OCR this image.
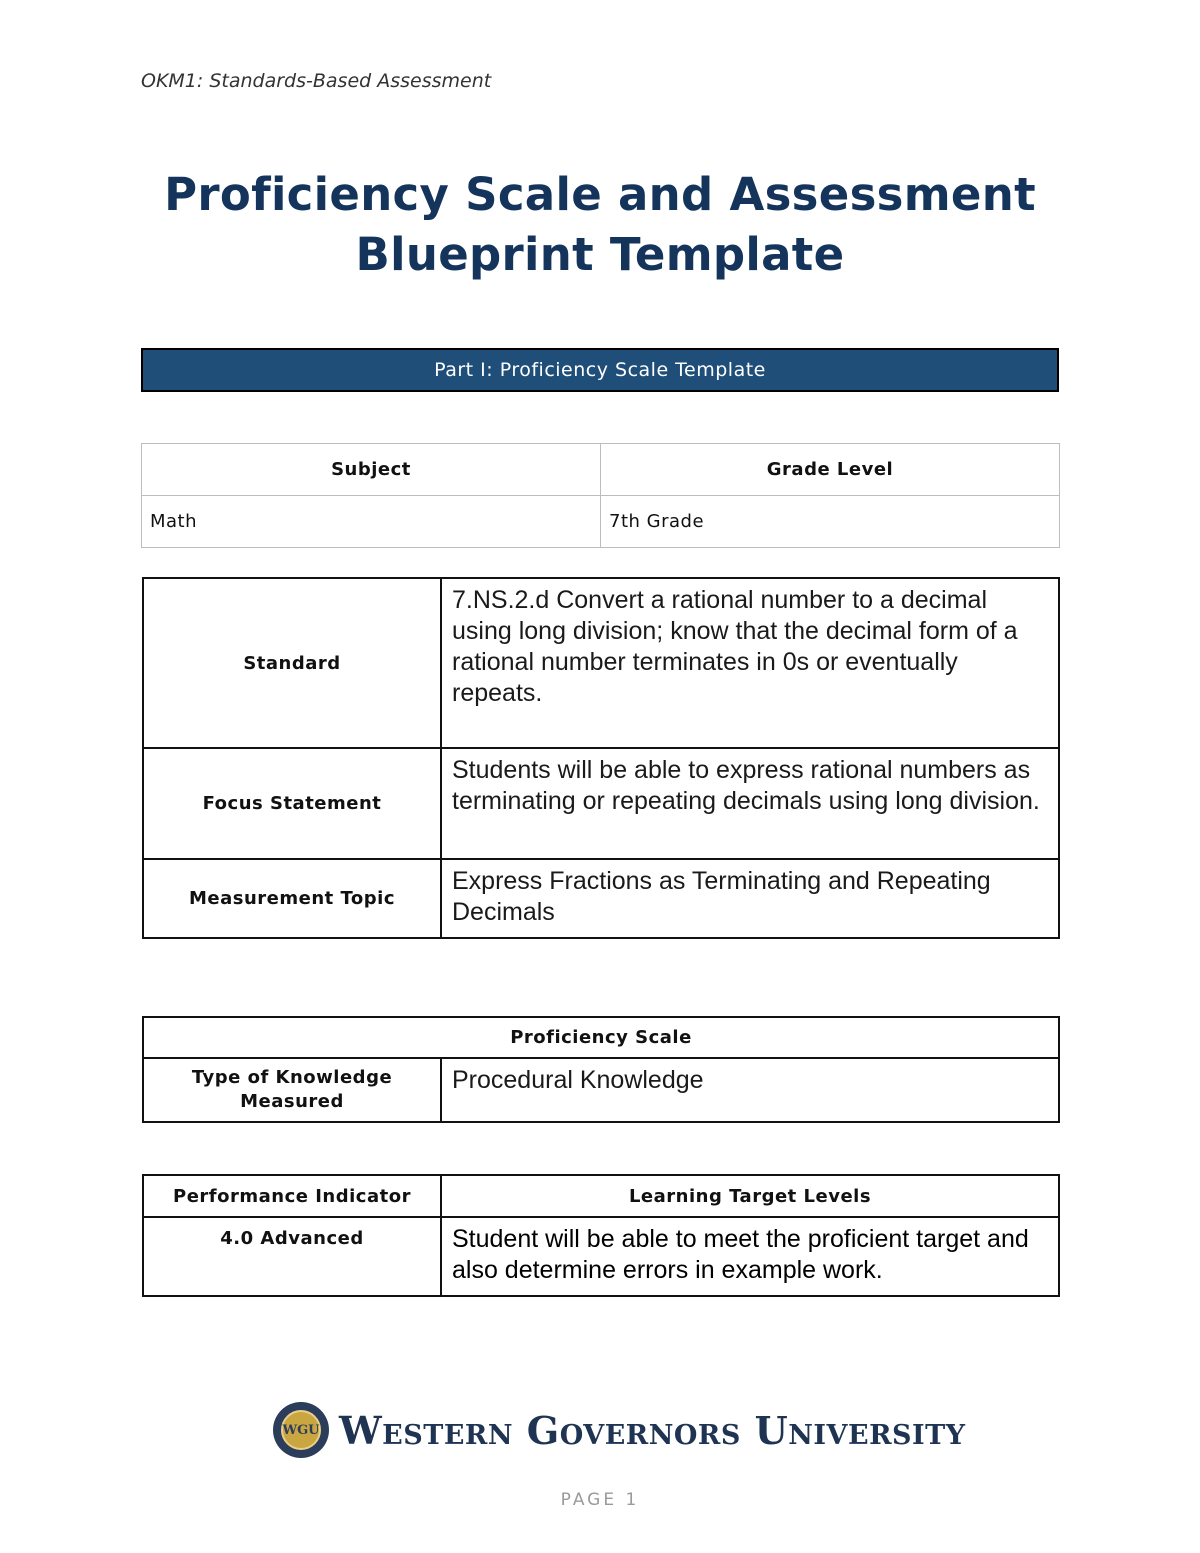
OKM1: Standards-Based Assessment
Proficiency Scale and Assessment
Blueprint Template
Part I: Proficiency Scale Template
Subject	Grade Level
Math	7th Grade
Standard	7.NS.2.d Convert a rational number to a decimal using long division; know that the decimal form of a rational number terminates in 0s or eventually repeats.
Focus Statement	Students will be able to express rational numbers as terminating or repeating decimals using long division.
Measurement Topic	Express Fractions as Terminating and Repeating Decimals
Proficiency Scale
Type of Knowledge Measured	Procedural Knowledge
Performance Indicator	Learning Target Levels
4.0 Advanced	Student will be able to meet the proficient target and also determine errors in example work.
WGU Western Governors University
PAGE 1
